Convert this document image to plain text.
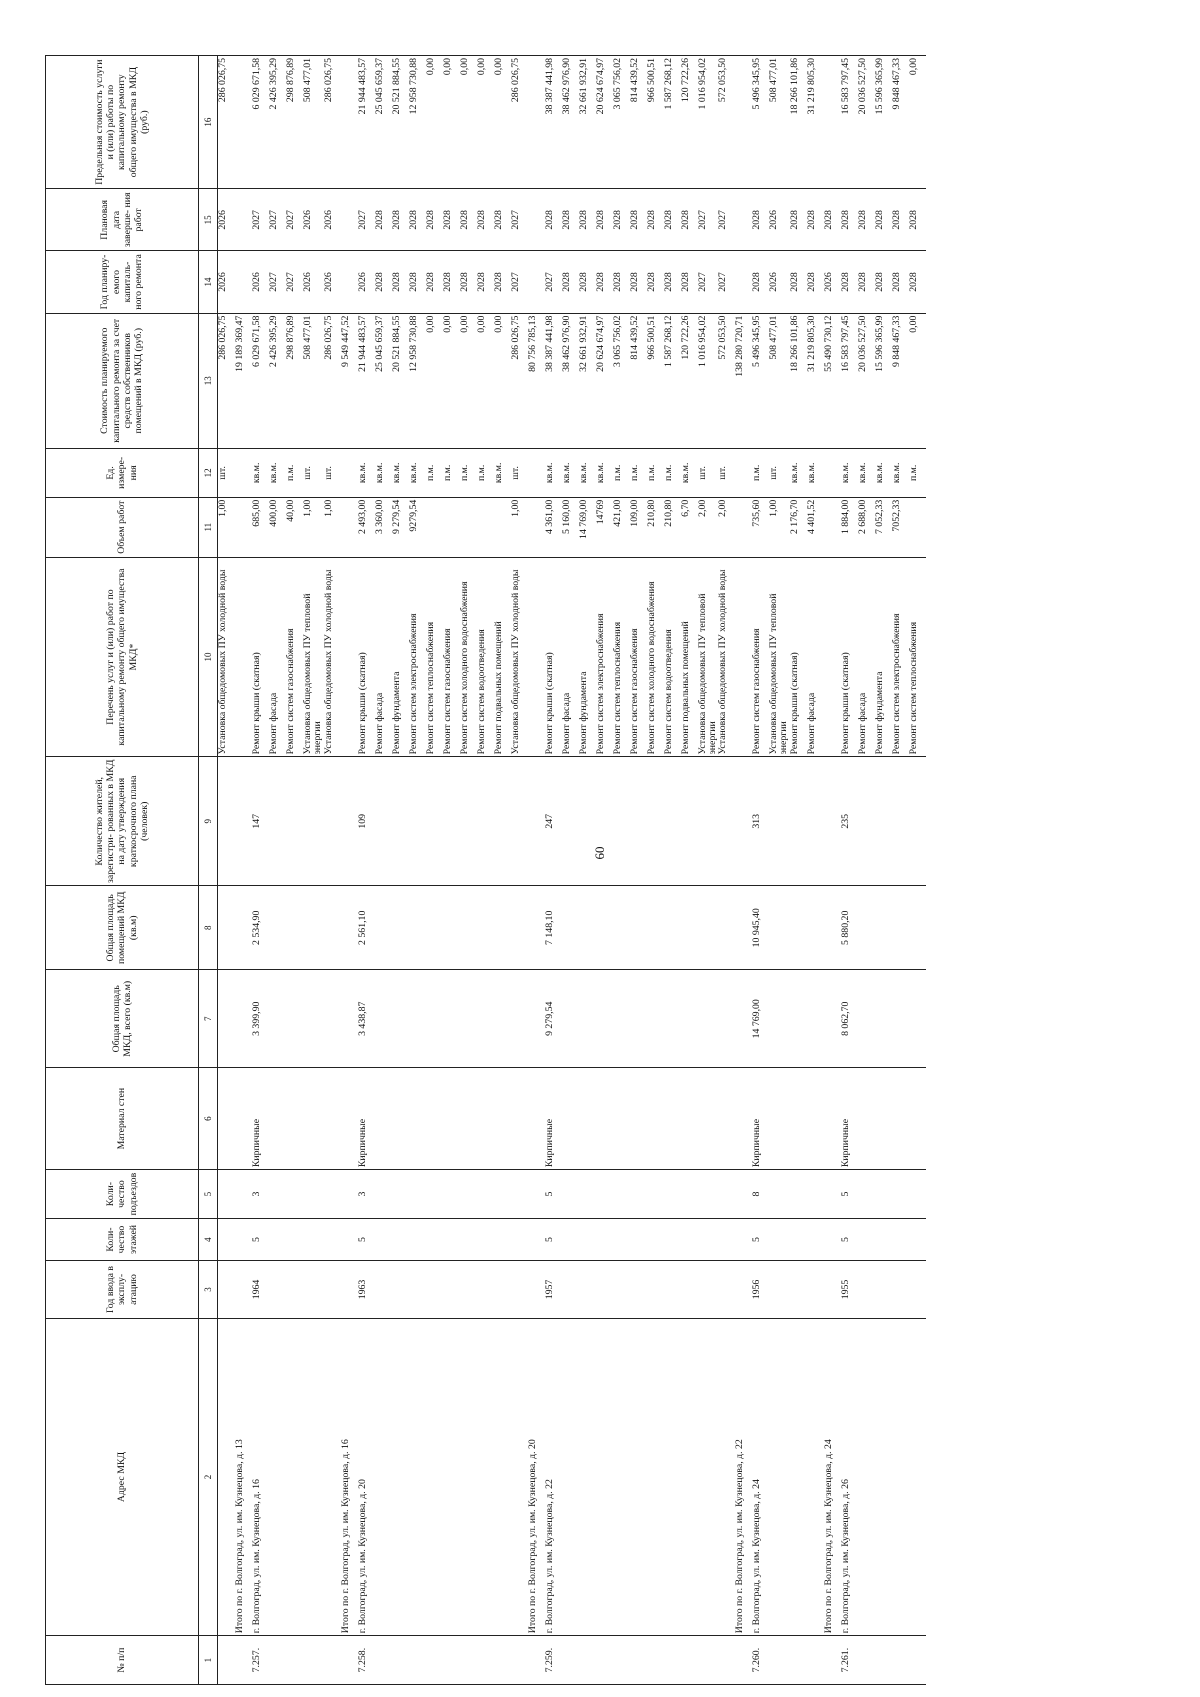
60
№ п/п	Адрес МКД	Год ввода в эксплу- атацию	Коли- чество этажей	Коли- чество подъездов	Материал стен	Общая площадь МКД, всего (кв.м)	Общая площадь помещений МКД (кв.м)	Количество жителей, зарегистри- рованных в МКД на дату утверждения краткосрочного плана (человек)	Перечень услуг и (или) работ по капитальному ремонту общего имущества МКД*	Объем работ	Ед. измере- ния	Стоимость планируемого капитального ремонта за счет средств собственников помещений в МКД (руб.)	Год планиру- емого капиталь- ного ремонта	Плановая дата заверше- ния работ	Предельная стоимость услуги и (или) работы по капитальному ремонту общего имущества в МКД (руб.)
1	2	3	4	5	6	7	8	9	10	11	12	13	14	15	16
									Установка общедомовых ПУ холодной воды	1,00	шт.	286 026,75	2026	2026	286 026,75
	Итого по г. Волгоград, ул. им. Кузнецова, д. 13											19 189 369,47			
7.257.	г. Волгоград, ул. им. Кузнецова, д. 16	1964	5	3	Кирпичные	3 399,90	2 534,90	147	Ремонт крыши (скатная)	685,00	кв.м.	6 029 671,58	2026	2027	6 029 671,58
									Ремонт фасада	400,00	кв.м.	2 426 395,29	2027	2027	2 426 395,29
									Ремонт систем газоснабжения	40,00	п.м.	298 876,89	2027	2027	298 876,89
									Установка общедомовых ПУ тепловой энергии	1,00	шт.	508 477,01	2026	2026	508 477,01
									Установка общедомовых ПУ холодной воды	1,00	шт.	286 026,75	2026	2026	286 026,75
	Итого по г. Волгоград, ул. им. Кузнецова, д. 16											9 549 447,52			
7.258.	г. Волгоград, ул. им. Кузнецова, д. 20	1963	5	3	Кирпичные	3 438,87	2 561,10	109	Ремонт крыши (скатная)	2 493,00	кв.м.	21 944 483,57	2026	2027	21 944 483,57
									Ремонт фасада	3 360,00	кв.м.	25 045 659,37	2028	2028	25 045 659,37
									Ремонт фундамента	9 279,54	кв.м.	20 521 884,55	2028	2028	20 521 884,55
									Ремонт систем электроснабжения	9279,54	кв.м.	12 958 730,88	2028	2028	12 958 730,88
									Ремонт систем теплоснабжения		п.м.	0,00	2028	2028	0,00
									Ремонт систем газоснабжения		п.м.	0,00	2028	2028	0,00
									Ремонт систем холодного водоснабжения		п.м.	0,00	2028	2028	0,00
									Ремонт систем водоотведения		п.м.	0,00	2028	2028	0,00
									Ремонт подвальных помещений		кв.м.	0,00	2028	2028	0,00
									Установка общедомовых ПУ холодной воды	1,00	шт.	286 026,75	2027	2027	286 026,75
	Итого по г. Волгоград, ул. им. Кузнецова, д. 20											80 756 785,13			
7.259.	г. Волгоград, ул. им. Кузнецова, д. 22	1957	5	5	Кирпичные	9 279,54	7 148,10	247	Ремонт крыши (скатная)	4 361,00	кв.м.	38 387 441,98	2027	2028	38 387 441,98
									Ремонт фасада	5 160,00	кв.м.	38 462 976,90	2028	2028	38 462 976,90
									Ремонт фундамента	14 769,00	кв.м.	32 661 932,91	2028	2028	32 661 932,91
									Ремонт систем электроснабжения	14769	кв.м.	20 624 674,97	2028	2028	20 624 674,97
									Ремонт систем теплоснабжения	421,00	п.м.	3 065 756,02	2028	2028	3 065 756,02
									Ремонт систем газоснабжения	109,00	п.м.	814 439,52	2028	2028	814 439,52
									Ремонт систем холодного водоснабжения	210,80	п.м.	966 500,51	2028	2028	966 500,51
									Ремонт систем водоотведения	210,80	п.м.	1 587 268,12	2028	2028	1 587 268,12
									Ремонт подвальных помещений	6,70	кв.м.	120 722,26	2028	2028	120 722,26
									Установка общедомовых ПУ тепловой энергии	2,00	шт.	1 016 954,02	2027	2027	1 016 954,02
									Установка общедомовых ПУ холодной воды	2,00	шт.	572 053,50	2027	2027	572 053,50
	Итого по г. Волгоград, ул. им. Кузнецова, д. 22											138 280 720,71			
7.260.	г. Волгоград, ул. им. Кузнецова, д. 24	1956	5	8	Кирпичные	14 769,00	10 945,40	313	Ремонт систем газоснабжения	735,60	п.м.	5 496 345,95	2028	2028	5 496 345,95
									Установка общедомовых ПУ тепловой энергии	1,00	шт.	508 477,01	2026	2026	508 477,01
									Ремонт крыши (скатная)	2 176,70	кв.м.	18 266 101,86	2028	2028	18 266 101,86
									Ремонт фасада	4 401,52	кв.м.	31 219 805,30	2028	2028	31 219 805,30
	Итого по г. Волгоград, ул. им. Кузнецова, д. 24											55 490 730,12	2026	2028	
7.261.	г. Волгоград, ул. им. Кузнецова, д. 26	1955	5	5	Кирпичные	8 062,70	5 880,20	235	Ремонт крыши (скатная)	1 884,00	кв.м.	16 583 797,45	2028	2028	16 583 797,45
									Ремонт фасада	2 688,00	кв.м.	20 036 527,50	2028	2028	20 036 527,50
									Ремонт фундамента	7 052,33	кв.м.	15 596 365,99	2028	2028	15 596 365,99
									Ремонт систем электроснабжения	7052,33	кв.м.	9 848 467,33	2028	2028	9 848 467,33
									Ремонт систем теплоснабжения		п.м.	0,00	2028	2028	0,00
